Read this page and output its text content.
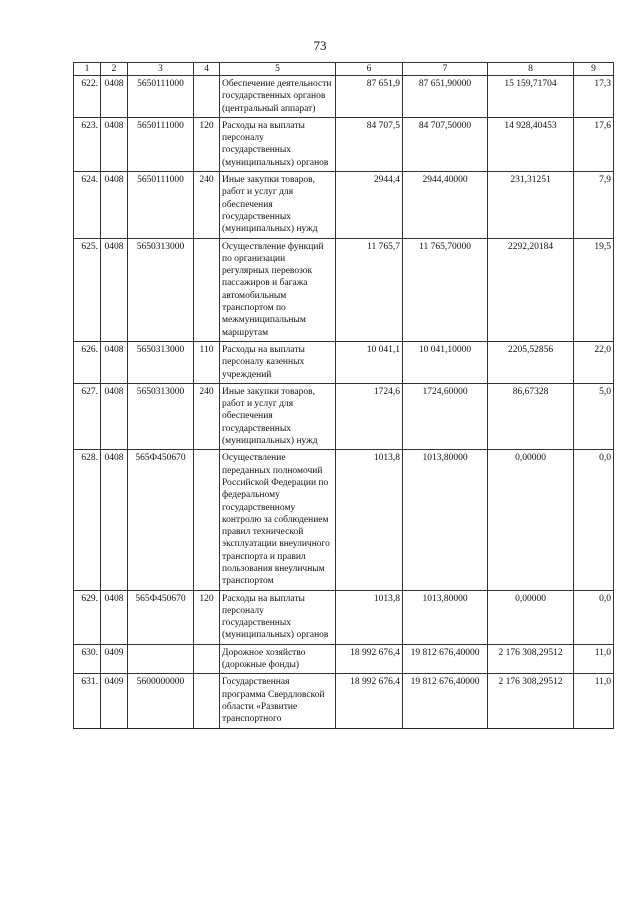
73
1	2	3	4	5	6	7	8	9
622.	0408	5650111000		Обеспечение деятельности государственных органов (центральный аппарат)	87 651,9	87 651,90000	15 159,71704	17,3
623.	0408	5650111000	120	Расходы на выплаты персоналу государственных (муниципальных) органов	84 707,5	84 707,50000	14 928,40453	17,6
624.	0408	5650111000	240	Иные закупки товаров, работ и услуг для обеспечения государственных (муниципальных) нужд	2944,4	2944,40000	231,31251	7,9
625.	0408	5650313000		Осуществление функций по организации регулярных перевозок пассажиров и багажа автомобильным транспортом по межмуниципальным маршрутам	11 765,7	11 765,70000	2292,20184	19,5
626.	0408	5650313000	110	Расходы на выплаты персоналу казенных учреждений	10 041,1	10 041,10000	2205,52856	22,0
627.	0408	5650313000	240	Иные закупки товаров, работ и услуг для обеспечения государственных (муниципальных) нужд	1724,6	1724,60000	86,67328	5,0
628.	0408	565Ф450670		Осуществление переданных полномочий Российской Федерации по федеральному государственному контролю за соблюдением правил технической эксплуатации внеуличного транспорта и правил пользования внеуличным транспортом	1013,8	1013,80000	0,00000	0,0
629.	0408	565Ф450670	120	Расходы на выплаты персоналу государственных (муниципальных) органов	1013,8	1013,80000	0,00000	0,0
630.	0409			Дорожное хозяйство (дорожные фонды)	18 992 676,4	19 812 676,40000	2 176 308,29512	11,0
631.	0409	5600000000		Государственная программа Свердловской области «Развитие транспортного	18 992 676,4	19 812 676,40000	2 176 308,29512	11,0
